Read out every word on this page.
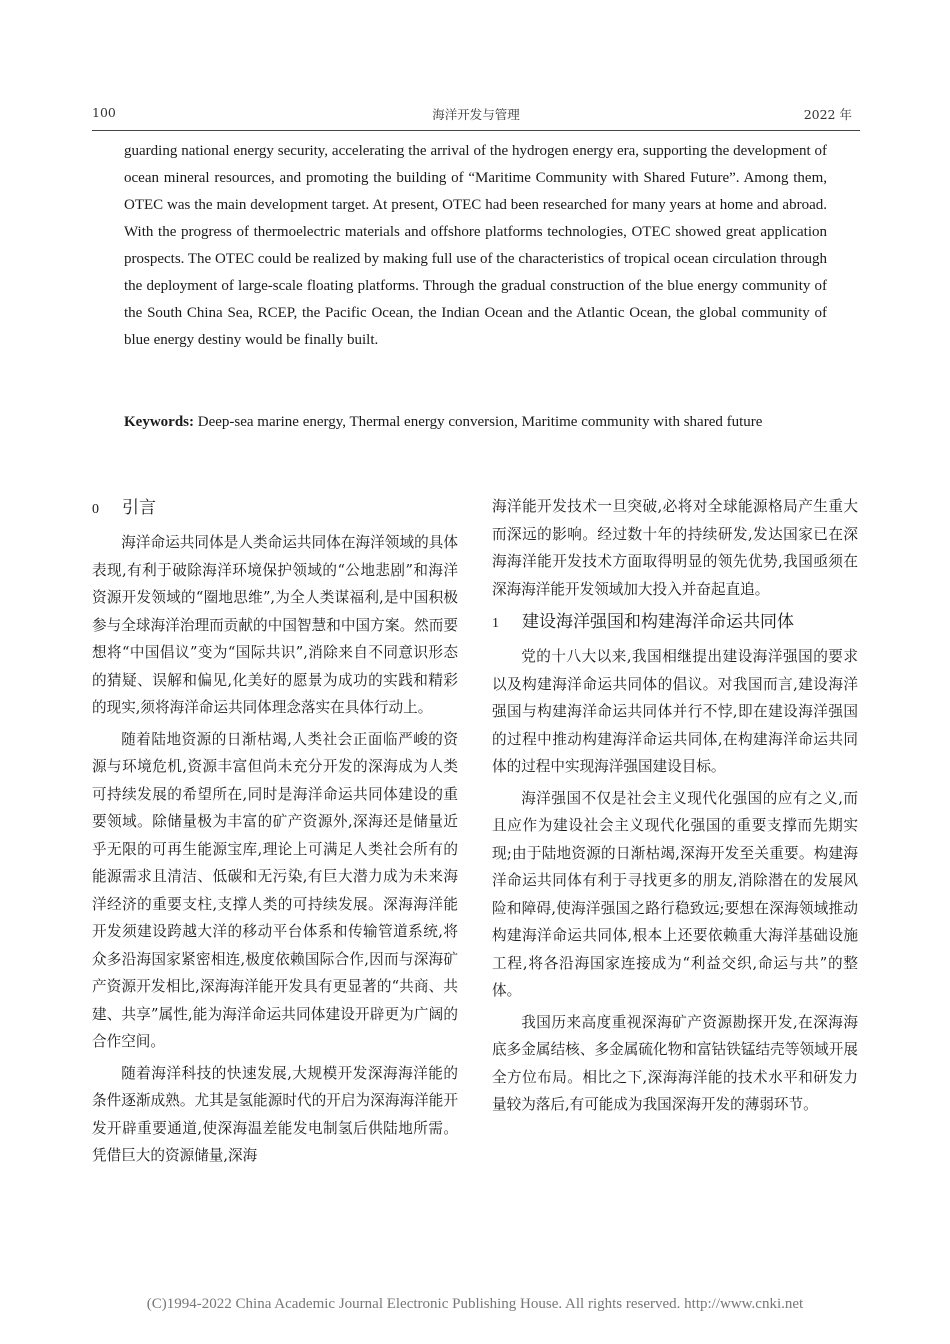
100	海洋开发与管理	2022 年

guarding national energy security, accelerating the arrival of the hydrogen energy era, supporting the development of ocean mineral resources, and promoting the building of “Maritime Community with Shared Future”. Among them, OTEC was the main development target. At present, OTEC had been researched for many years at home and abroad. With the progress of thermoelectric materials and offshore platforms technologies, OTEC showed great application prospects. The OTEC could be realized by making full use of the characteristics of tropical ocean circulation through the deployment of large-scale floating platforms. Through the gradual construction of the blue energy community of the South China Sea, RCEP, the Pacific Ocean, the Indian Ocean and the Atlantic Ocean, the global community of blue energy destiny would be finally built.

Keywords: Deep-sea marine energy, Thermal energy conversion, Maritime community with shared future

0 引言

海洋命运共同体是人类命运共同体在海洋领域的具体表现,有利于破除海洋环境保护领域的“公地悲剧”和海洋资源开发领域的“圈地思维”,为全人类谋福利,是中国积极参与全球海洋治理而贡献的中国智慧和中国方案。然而要想将“中国倡议”变为“国际共识”,消除来自不同意识形态的猜疑、误解和偏见,化美好的愿景为成功的实践和精彩的现实,须将海洋命运共同体理念落实在具体行动上。

随着陆地资源的日渐枯竭,人类社会正面临严峻的资源与环境危机,资源丰富但尚未充分开发的深海成为人类可持续发展的希望所在,同时是海洋命运共同体建设的重要领域。除储量极为丰富的矿产资源外,深海还是储量近乎无限的可再生能源宝库,理论上可满足人类社会所有的能源需求且清洁、低碳和无污染,有巨大潜力成为未来海洋经济的重要支柱,支撑人类的可持续发展。深海海洋能开发须建设跨越大洋的移动平台体系和传输管道系统,将众多沿海国家紧密相连,极度依赖国际合作,因而与深海矿产资源开发相比,深海海洋能开发具有更显著的“共商、共建、共享”属性,能为海洋命运共同体建设开辟更为广阔的合作空间。

随着海洋科技的快速发展,大规模开发深海海洋能的条件逐渐成熟。尤其是氢能源时代的开启为深海海洋能开发开辟重要通道,使深海温差能发电制氢后供陆地所需。凭借巨大的资源储量,深海

海洋能开发技术一旦突破,必将对全球能源格局产生重大而深远的影响。经过数十年的持续研发,发达国家已在深海海洋能开发技术方面取得明显的领先优势,我国亟须在深海海洋能开发领域加大投入并奋起直追。

1 建设海洋强国和构建海洋命运共同体

党的十八大以来,我国相继提出建设海洋强国的要求以及构建海洋命运共同体的倡议。对我国而言,建设海洋强国与构建海洋命运共同体并行不悖,即在建设海洋强国的过程中推动构建海洋命运共同体,在构建海洋命运共同体的过程中实现海洋强国建设目标。

海洋强国不仅是社会主义现代化强国的应有之义,而且应作为建设社会主义现代化强国的重要支撑而先期实现;由于陆地资源的日渐枯竭,深海开发至关重要。构建海洋命运共同体有利于寻找更多的朋友,消除潜在的发展风险和障碍,使海洋强国之路行稳致远;要想在深海领域推动构建海洋命运共同体,根本上还要依赖重大海洋基础设施工程,将各沿海国家连接成为“利益交织,命运与共”的整体。

我国历来高度重视深海矿产资源勘探开发,在深海海底多金属结核、多金属硫化物和富钴铁锰结壳等领域开展全方位布局。相比之下,深海海洋能的技术水平和研发力量较为落后,有可能成为我国深海开发的薄弱环节。

(C)1994-2022 China Academic Journal Electronic Publishing House. All rights reserved. http://www.cnki.net
